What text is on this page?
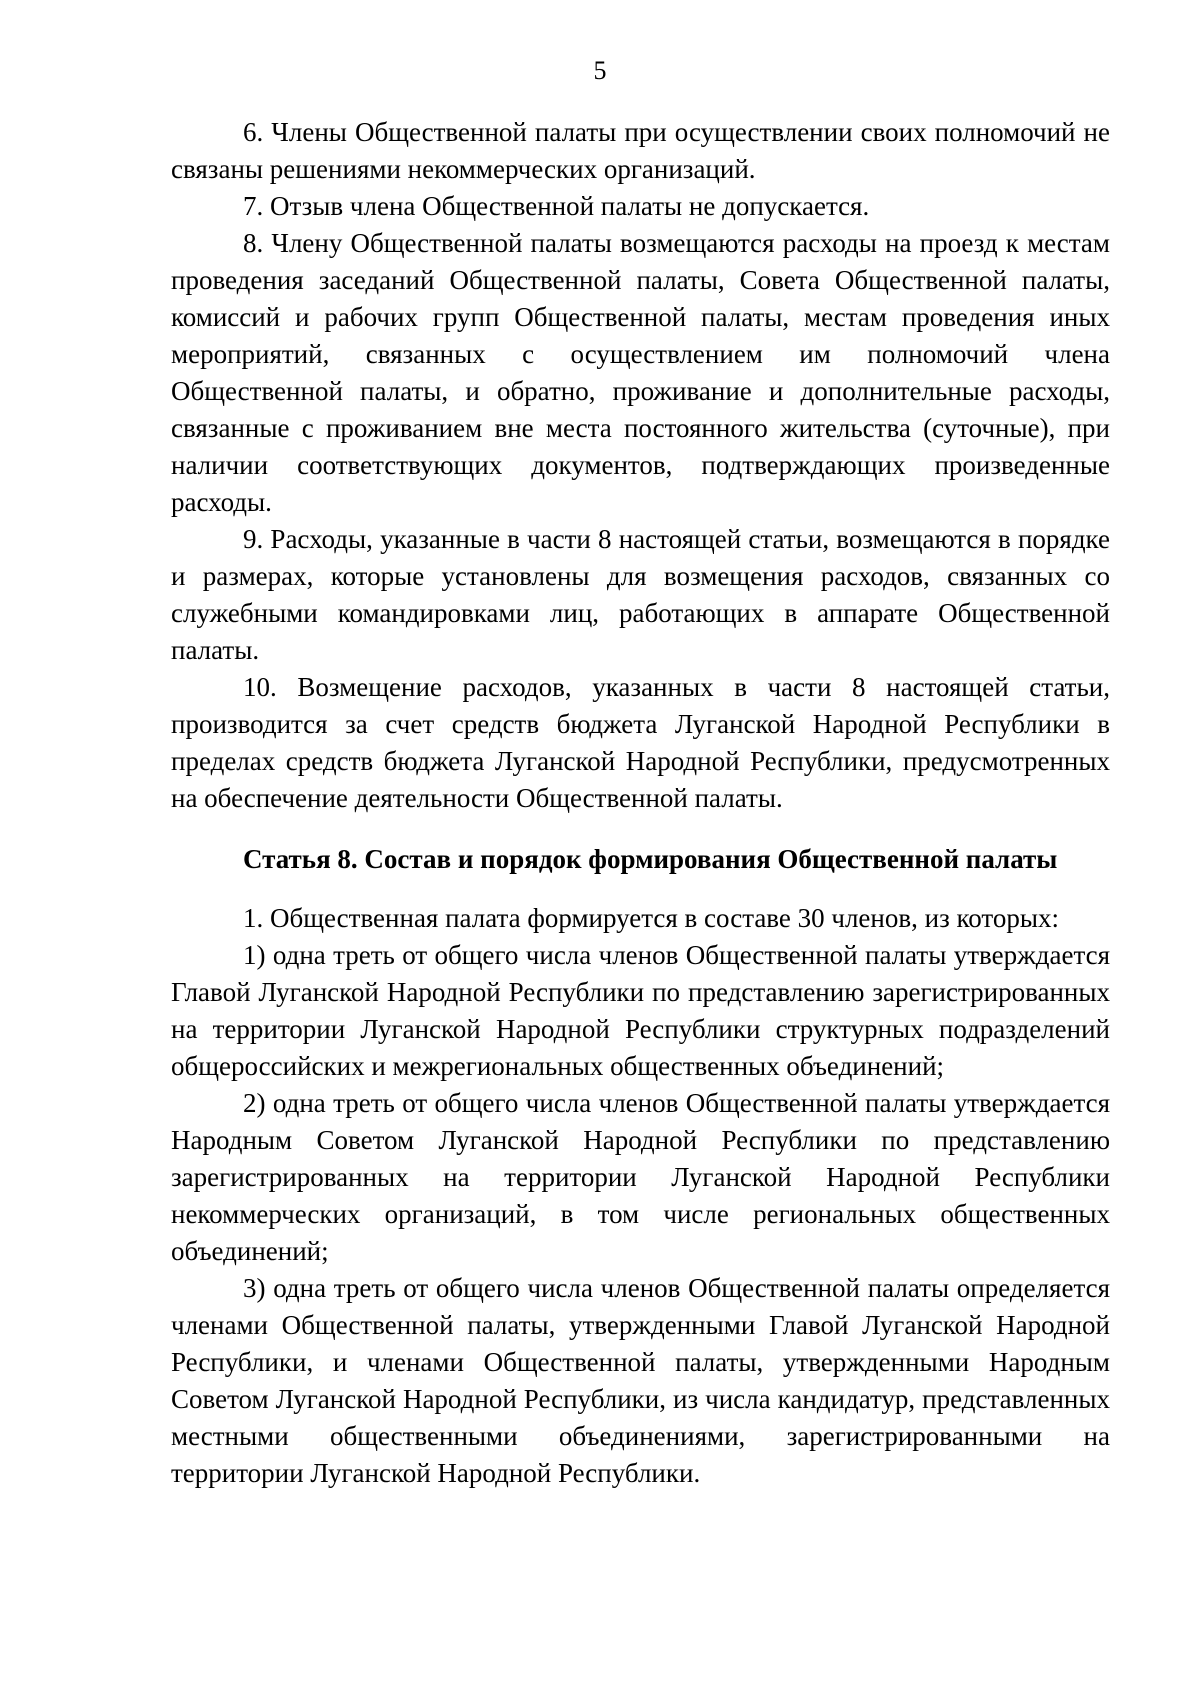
5

6. Члены Общественной палаты при осуществлении своих полномочий не связаны решениями некоммерческих организаций.

7. Отзыв члена Общественной палаты не допускается.

8. Члену Общественной палаты возмещаются расходы на проезд к местам проведения заседаний Общественной палаты, Совета Общественной палаты, комиссий и рабочих групп Общественной палаты, местам проведения иных мероприятий, связанных с осуществлением им полномочий члена Общественной палаты, и обратно, проживание и дополнительные расходы, связанные с проживанием вне места постоянного жительства (суточные), при наличии соответствующих документов, подтверждающих произведенные расходы.

9. Расходы, указанные в части 8 настоящей статьи, возмещаются в порядке и размерах, которые установлены для возмещения расходов, связанных со служебными командировками лиц, работающих в аппарате Общественной палаты.

10. Возмещение расходов, указанных в части 8 настоящей статьи, производится за счет средств бюджета Луганской Народной Республики в пределах средств бюджета Луганской Народной Республики, предусмотренных на обеспечение деятельности Общественной палаты.

Статья 8. Состав и порядок формирования Общественной палаты

1. Общественная палата формируется в составе 30 членов, из которых:

1) одна треть от общего числа членов Общественной палаты утверждается Главой Луганской Народной Республики по представлению зарегистрированных на территории Луганской Народной Республики структурных подразделений общероссийских и межрегиональных общественных объединений;

2) одна треть от общего числа членов Общественной палаты утверждается Народным Советом Луганской Народной Республики по представлению зарегистрированных на территории Луганской Народной Республики некоммерческих организаций, в том числе региональных общественных объединений;

3) одна треть от общего числа членов Общественной палаты определяется членами Общественной палаты, утвержденными Главой Луганской Народной Республики, и членами Общественной палаты, утвержденными Народным Советом Луганской Народной Республики, из числа кандидатур, представленных местными общественными объединениями, зарегистрированными на территории Луганской Народной Республики.
